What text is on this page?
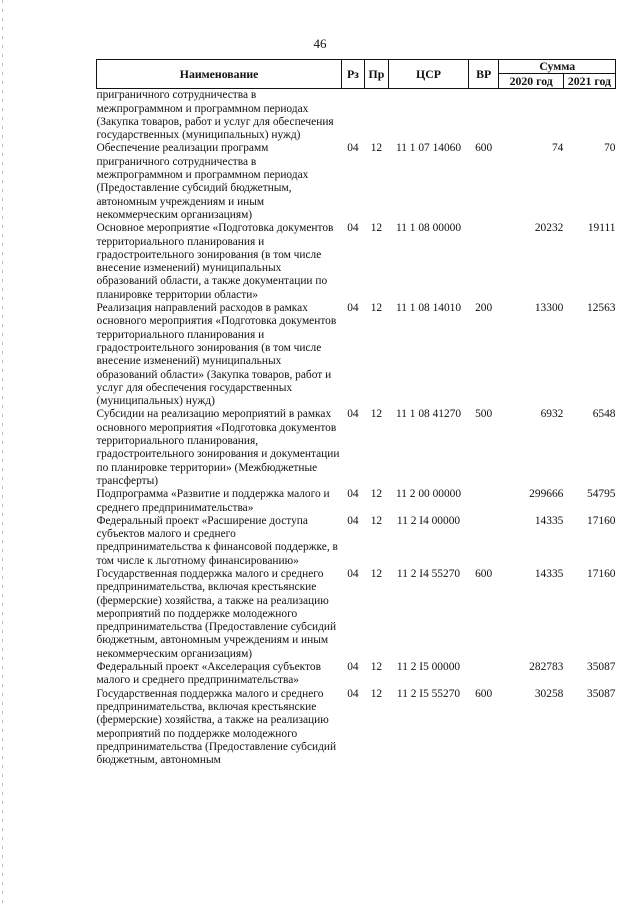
46
Наименование	Рз	Пр	ЦСР	ВР	Сумма	
					2020 год	2021 год
приграничного сотрудничества в межпрограммном и программном периодах (Закупка товаров, работ и услуг для обеспечения государственных (муниципальных) нужд)						
Обеспечение реализации программ приграничного сотрудничества в межпрограммном и программном периодах (Предоставление субсидий бюджетным, автономным учреждениям и иным некоммерческим организациям)	04	12	11 1 07 14060	600	74	70
Основное мероприятие «Подготовка документов территориального планирования и градостроительного зонирования (в том числе внесение изменений) муниципальных образований области, а также документации по планировке территории области»	04	12	11 1 08 00000		20232	19111
Реализация направлений расходов в рамках основного мероприятия «Подготовка документов территориального планирования и градостроительного зонирования (в том числе внесение изменений) муниципальных образований области» (Закупка товаров, работ и услуг для обеспечения государственных (муниципальных) нужд)	04	12	11 1 08 14010	200	13300	12563
Субсидии на реализацию мероприятий в рамках основного мероприятия «Подготовка документов территориального планирования, градостроительного зонирования и документации по планировке территории» (Межбюджетные трансферты)	04	12	11 1 08 41270	500	6932	6548
Подпрограмма «Развитие и поддержка малого и среднего предпринимательства»	04	12	11 2 00 00000		299666	54795
Федеральный проект «Расширение доступа субъектов малого и среднего предпринимательства к финансовой поддержке, в том числе к льготному финансированию»	04	12	11 2 I4 00000		14335	17160
Государственная поддержка малого и среднего предпринимательства, включая крестьянские (фермерские) хозяйства, а также на реализацию мероприятий по поддержке молодежного предпринимательства (Предоставление субсидий бюджетным, автономным учреждениям и иным некоммерческим организациям)	04	12	11 2 I4 55270	600	14335	17160
Федеральный проект «Акселерация субъектов малого и среднего предпринимательства»	04	12	11 2 I5 00000		282783	35087
Государственная поддержка малого и среднего предпринимательства, включая крестьянские (фермерские) хозяйства, а также на реализацию мероприятий по поддержке молодежного предпринимательства (Предоставление субсидий бюджетным, автономным	04	12	11 2 I5 55270	600	30258	35087
